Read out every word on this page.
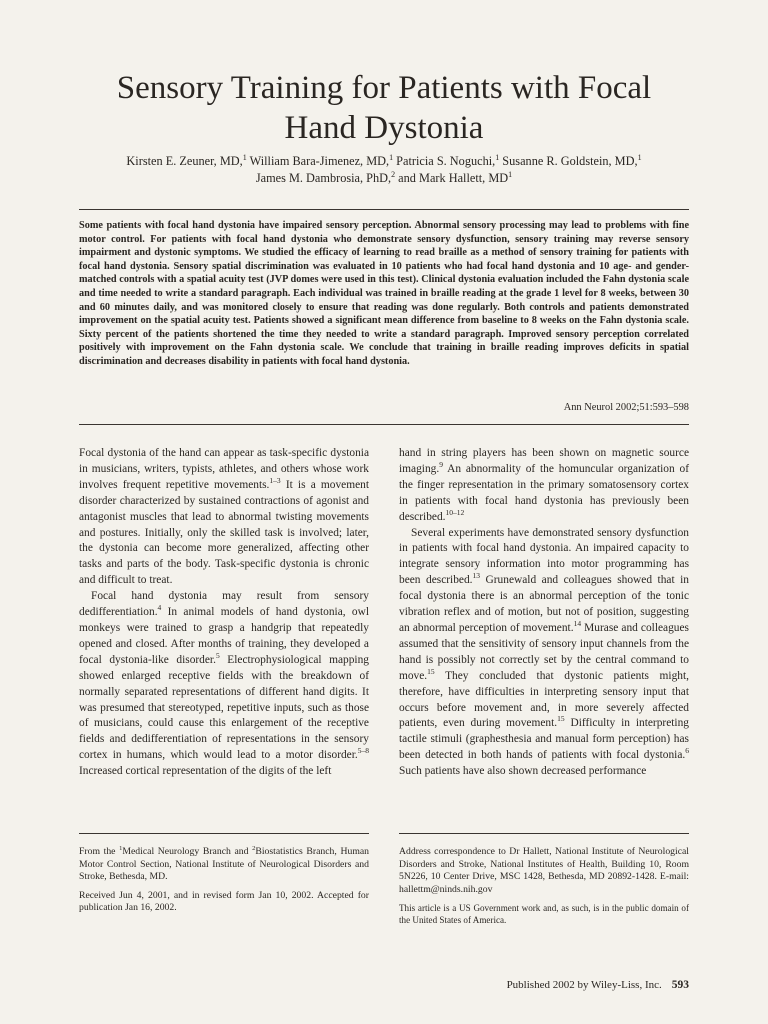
Sensory Training for Patients with Focal
Hand Dystonia
Kirsten E. Zeuner, MD,$^1$ William Bara-Jimenez, MD,$^1$ Patricia S. Noguchi,$^1$ Susanne R. Goldstein, MD,$^1$
James M. Dambrosia, PhD,$^2$ and Mark Hallett, $MD^1$

Some patients with focal hand dystonia have impaired sensory perception. Abnormal sensory processing may lead to problems with fine motor control. For patients with focal hand dystonia who demonstrate sensory dysfunction, sensory training may reverse sensory impairment and dystonic symptoms. We studied the efficacy of learning to read braille as a method of sensory training for patients with focal hand dystonia. Sensory spatial discrimination was evaluated in 10 patients who had focal hand dystonia and 10 age- and gender-matched controls with a spatial acuity test (JVP domes were used in this test). Clinical dystonia evaluation included the Fahn dystonia scale and time needed to write a standard paragraph. Each individual was trained in braille reading at the grade 1 level for 8 weeks, between 30 and 60 minutes daily, and was monitored closely to ensure that reading was done regularly. Both controls and patients demonstrated improvement on the spatial acuity test. Patients showed a significant mean difference from baseline to 8 weeks on the Fahn dystonia scale. Sixty percent of the patients shortened the time they needed to write a standard paragraph. Improved sensory perception correlated positively with improvement on the Fahn dystonia scale. We conclude that training in braille reading improves deficits in spatial discrimination and decreases disability in patients with focal hand dystonia.

Ann Neurol 2002;51:593–598

Focal dystonia of the hand can appear as task-specific dystonia in musicians, writers, typists, athletes, and others whose work involves frequent repetitive movements.$^{1-3}$ It is a movement disorder characterized by sustained contractions of agonist and antagonist muscles that lead to abnormal twisting movements and postures. Initially, only the skilled task is involved; later, the dystonia can become more generalized, affecting other tasks and parts of the body. Task-specific dystonia is chronic and difficult to treat.

Focal hand dystonia may result from sensory dedifferentiation.$^4$ In animal models of hand dystonia, owl monkeys were trained to grasp a handgrip that repeatedly opened and closed. After months of training, they developed a focal dystonia-like disorder.$^5$ Electrophysiological mapping showed enlarged receptive fields with the breakdown of normally separated representations of different hand digits. It was presumed that stereotyped, repetitive inputs, such as those of musicians, could cause this enlargement of the receptive fields and dedifferentiation of representations in the sensory cortex in humans, which would lead to a motor disorder.$^{5-8}$ Increased cortical representation of the digits of the left

hand in string players has been shown on magnetic source imaging.$^9$ An abnormality of the homuncular organization of the finger representation in the primary somatosensory cortex in patients with focal hand dystonia has previously been described.$^{10-12}$

Several experiments have demonstrated sensory dysfunction in patients with focal hand dystonia. An impaired capacity to integrate sensory information into motor programming has been described.$^{13}$ Grunewald and colleagues showed that in focal dystonia there is an abnormal perception of the tonic vibration reflex and of motion, but not of position, suggesting an abnormal perception of movement.$^{14}$ Murase and colleagues assumed that the sensitivity of sensory input channels from the hand is possibly not correctly set by the central command to move.$^{15}$ They concluded that dystonic patients might, therefore, have difficulties in interpreting sensory input that occurs before movement and, in more severely affected patients, even during movement.$^{15}$ Difficulty in interpreting tactile stimuli (graphesthesia and manual form perception) has been detected in both hands of patients with focal dystonia.$^6$ Such patients have also shown decreased performance

From the $^1$Medical Neurology Branch and $^2$Biostatistics Branch, Human Motor Control Section, National Institute of Neurological Disorders and Stroke, Bethesda, MD.

Received Jun 4, 2001, and in revised form Jan 10, 2002. Accepted for publication Jan 16, 2002.

Address correspondence to Dr Hallett, National Institute of Neurological Disorders and Stroke, National Institutes of Health, Building 10, Room 5N226, 10 Center Drive, MSC 1428, Bethesda, MD 20892-1428. E-mail: hallettm@ninds.nih.gov

This article is a US Government work and, as such, is in the public domain of the United States of America.

Published 2002 by Wiley-Liss, Inc. 593
